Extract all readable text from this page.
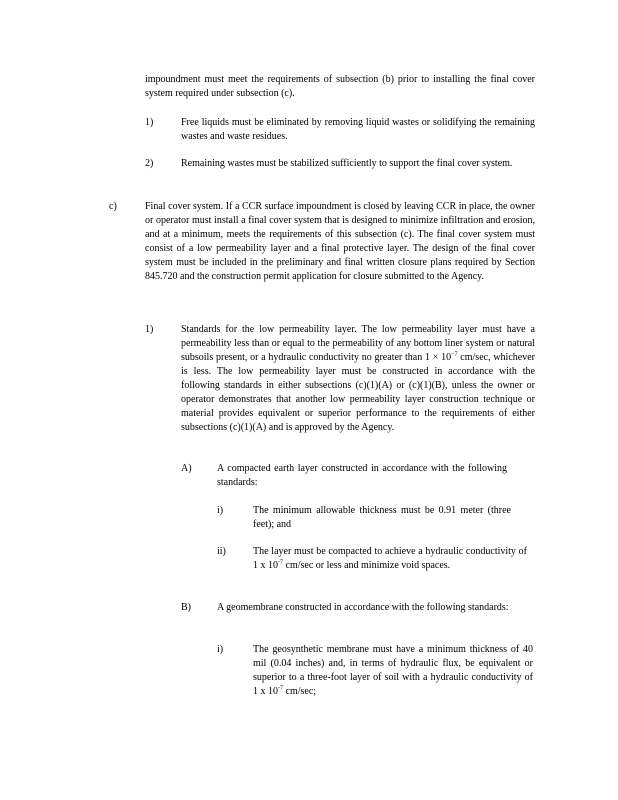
impoundment must meet the requirements of subsection (b) prior to installing the final cover system required under subsection (c).
1)	Free liquids must be eliminated by removing liquid wastes or solidifying the remaining wastes and waste residues.
2)	Remaining wastes must be stabilized sufficiently to support the final cover system.
c)	Final cover system. If a CCR surface impoundment is closed by leaving CCR in place, the owner or operator must install a final cover system that is designed to minimize infiltration and erosion, and at a minimum, meets the requirements of this subsection (c). The final cover system must consist of a low permeability layer and a final protective layer. The design of the final cover system must be included in the preliminary and final written closure plans required by Section 845.720 and the construction permit application for closure submitted to the Agency.
1)	Standards for the low permeability layer. The low permeability layer must have a permeability less than or equal to the permeability of any bottom liner system or natural subsoils present, or a hydraulic conductivity no greater than $1 \times 10^{-7}$ cm/sec, whichever is less. The low permeability layer must be constructed in accordance with the following standards in either subsections (c)(1)(A) or (c)(1)(B), unless the owner or operator demonstrates that another low permeability layer construction technique or material provides equivalent or superior performance to the requirements of either subsections (c)(1)(A) and is approved by the Agency.
A)	A compacted earth layer constructed in accordance with the following standards:
i)	The minimum allowable thickness must be 0.91 meter (three feet); and
ii)	The layer must be compacted to achieve a hydraulic conductivity of 1 x $10^{-7}$ cm/sec or less and minimize void spaces.
B)	A geomembrane constructed in accordance with the following standards:
i)	The geosynthetic membrane must have a minimum thickness of 40 mil (0.04 inches) and, in terms of hydraulic flux, be equivalent or superior to a three-foot layer of soil with a hydraulic conductivity of 1 x $10^{-7}$ cm/sec;
